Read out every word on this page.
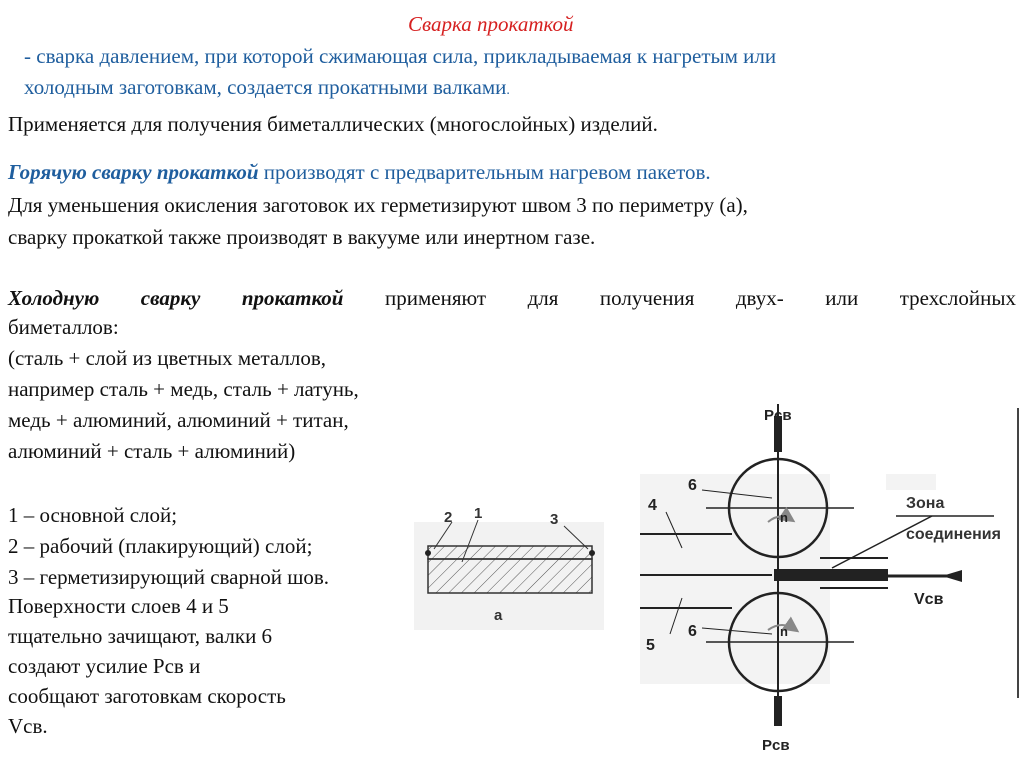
Сварка прокаткой
- сварка давлением, при которой сжимающая сила, прикладываемая к нагретым или
холодным заготовкам, создается прокатными валками.
Применяется для получения биметаллических (многослойных) изделий.
Горячую сварку прокаткой производят с предварительным нагревом пакетов.
Для уменьшения окисления заготовок их герметизируют швом 3 по периметру (а),
сварку прокаткой также производят в вакууме или инертном газе.
Холодную сварку прокаткой применяют для получения двух- или трехслойных
биметаллов:
(сталь + слой из цветных металлов,
например сталь + медь, сталь + латунь,
медь + алюминий, алюминий + титан,
алюминий + сталь + алюминий)
1 – основной слой;
2 – рабочий (плакирующий) слой;
3 – герметизирующий сварной шов.
Поверхности слоев 4 и 5
тщательно зачищают, валки 6
создают усилие Рсв и
сообщают заготовкам скорость
Vсв.
2 1	3
а
Рсв
Рсв
6
6
4
5
n
n
Зона
соединения
Vсв
